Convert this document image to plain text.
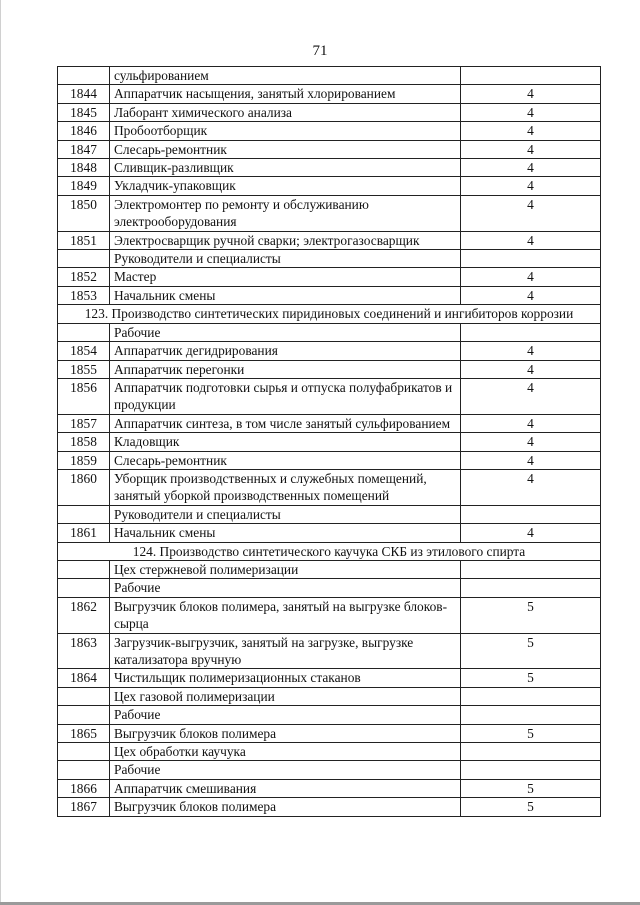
71
	сульфированием	
1844	Аппаратчик насыщения, занятый хлорированием	4
1845	Лаборант химического анализа	4
1846	Пробоотборщик	4
1847	Слесарь-ремонтник	4
1848	Сливщик-разливщик	4
1849	Укладчик-упаковщик	4
1850	Электромонтер по ремонту и обслуживанию электрооборудования	4
1851	Электросварщик ручной сварки; электрогазосварщик	4
	Руководители и специалисты	
1852	Мастер	4
1853	Начальник смены	4
123. Производство синтетических пиридиновых соединений и ингибиторов коррозии		
	Рабочие	
1854	Аппаратчик дегидрирования	4
1855	Аппаратчик перегонки	4
1856	Аппаратчик подготовки сырья и отпуска полуфабрикатов и продукции	4
1857	Аппаратчик синтеза, в том числе занятый сульфированием	4
1858	Кладовщик	4
1859	Слесарь-ремонтник	4
1860	Уборщик производственных и служебных помещений, занятый уборкой производственных помещений	4
	Руководители и специалисты	
1861	Начальник смены	4
124. Производство синтетического каучука СКБ из этилового спирта		
	Цех стержневой полимеризации	
	Рабочие	
1862	Выгрузчик блоков полимера, занятый на выгрузке блоков-сырца	5
1863	Загрузчик-выгрузчик, занятый на загрузке, выгрузке катализатора вручную	5
1864	Чистильщик полимеризационных стаканов	5
	Цех газовой полимеризации	
	Рабочие	
1865	Выгрузчик блоков полимера	5
	Цех обработки каучука	
	Рабочие	
1866	Аппаратчик смешивания	5
1867	Выгрузчик блоков полимера	5
